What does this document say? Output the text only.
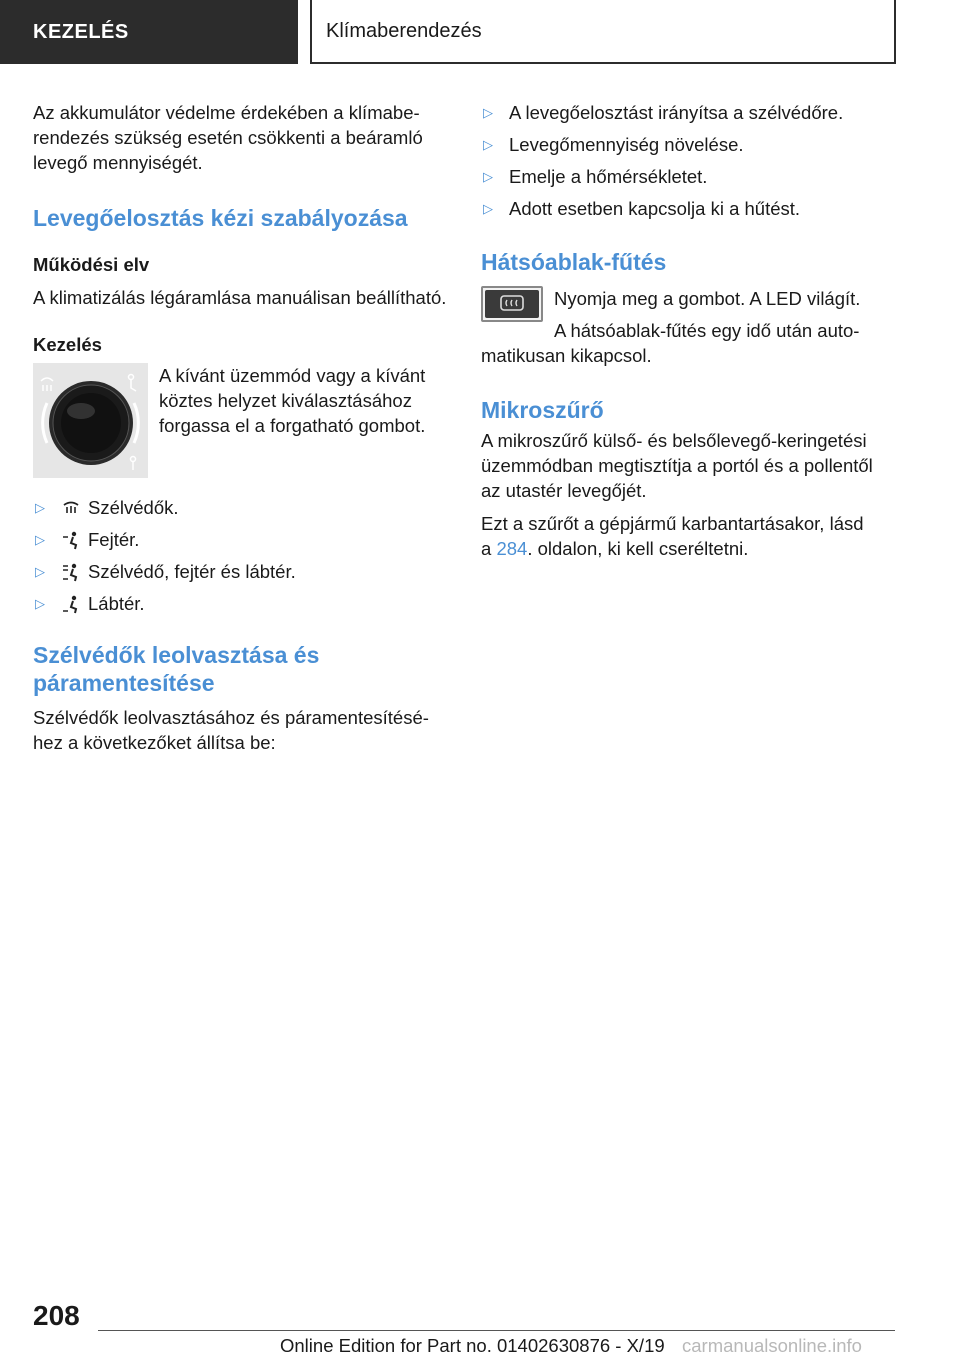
KEZELÉS	Klímaberendezés

Az akkumulátor védelme érdekében a klímabe-
rendezés szükség esetén csökkenti a beáramló
levegő mennyiségét.

Levegőelosztás kézi szabályozása
Működési elv

A klimatizálás légáramlása manuálisan beállítható.

Kezelés

A kívánt üzemmód vagy a kívánt
köztes helyzet kiválasztásához
forgassa el a forgatható gombot.

▷ Szélvédők.
▷ Fejtér.
▷ Szélvédő, fejtér és lábtér.
▷ Lábtér.
Szélvédők leolvasztása és
páramentesítése

Szélvédők leolvasztásához és páramentesítésé-
hez a következőket állítsa be:

▷ A levegőelosztást irányítsa a szélvédőre.
▷ Levegőmennyiség növelése.
▷ Emelje a hőmérsékletet.
▷ Adott esetben kapcsolja ki a hűtést.
Hátsóablak-fűtés

Nyomja meg a gombot. A LED világít.

A hátsóablak-fűtés egy idő után auto-

matikusan kikapcsol.

Mikroszűrő

A mikroszűrő külső- és belsőlevegő-keringetési
üzemmódban megtisztítja a portól és a pollentől
az utastér levegőjét.

Ezt a szűrőt a gépjármű karbantartásakor, lásd
a 284. oldalon, ki kell cseréltetni.

208
Online Edition for Part no. 01402630876 - X/19 carmanualsonline.info
